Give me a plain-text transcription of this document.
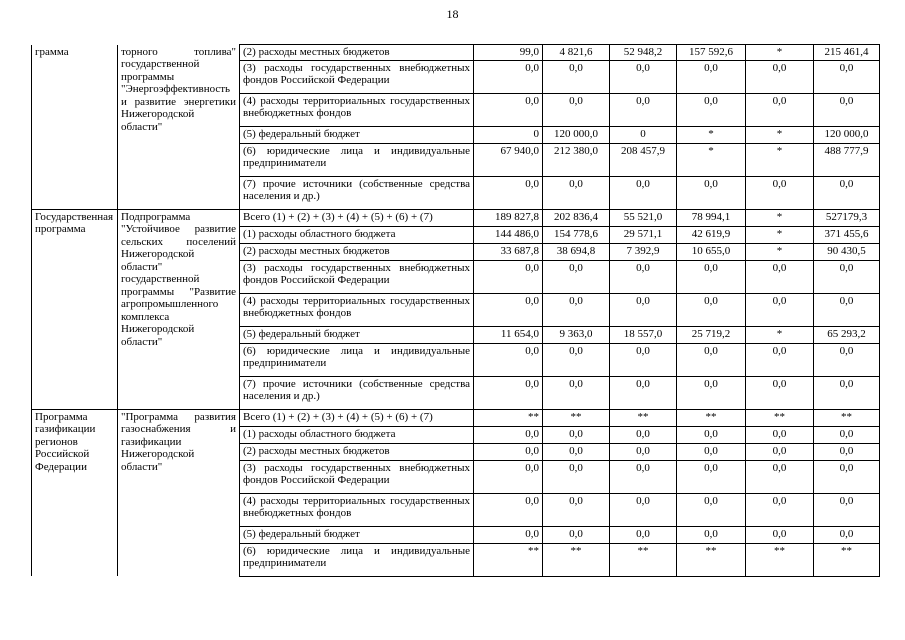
18
грамма	торного топлива" государственной программы "Энергоэффективность и развитие энергетики Нижегородской области"	(2) расходы местных бюджетов	99,0	4 821,6	52 948,2	157 592,6	*	215 461,4
		(3) расходы государственных внебюджетных фондов Российской Федерации	0,0	0,0	0,0	0,0	0,0	0,0
		(4) расходы территориальных государственных внебюджетных фондов	0,0	0,0	0,0	0,0	0,0	0,0
		(5) федеральный бюджет	0	120 000,0	0	*	*	120 000,0
		(6) юридические лица и индивидуальные предприниматели	67 940,0	212 380,0	208 457,9	*	*	488 777,9
		(7) прочие источники (собственные средства населения и др.)	0,0	0,0	0,0	0,0	0,0	0,0
Государственная программа	Подпрограмма "Устойчивое развитие сельских поселений Нижегородской области" государственной программы "Развитие агропромышленного комплекса Нижегородской области"	Всего (1) + (2) + (3) + (4) + (5) + (6) + (7)	189 827,8	202 836,4	55 521,0	78 994,1	*	527179,3
		(1) расходы областного бюджета	144 486,0	154 778,6	29 571,1	42 619,9	*	371 455,6
		(2) расходы местных бюджетов	33 687,8	38 694,8	7 392,9	10 655,0	*	90 430,5
		(3) расходы государственных внебюджетных фондов Российской Федерации	0,0	0,0	0,0	0,0	0,0	0,0
		(4) расходы территориальных государственных внебюджетных фондов	0,0	0,0	0,0	0,0	0,0	0,0
		(5) федеральный бюджет	11 654,0	9 363,0	18 557,0	25 719,2	*	65 293,2
		(6) юридические лица и индивидуальные предприниматели	0,0	0,0	0,0	0,0	0,0	0,0
		(7) прочие источники (собственные средства населения и др.)	0,0	0,0	0,0	0,0	0,0	0,0
Программа газификации регионов Российской Федерации	"Программа развития газоснабжения и газификации Нижегородской области"	Всего (1) + (2) + (3) + (4) + (5) + (6) + (7)	**	**	**	**	**	**
		(1) расходы областного бюджета	0,0	0,0	0,0	0,0	0,0	0,0
		(2) расходы местных бюджетов	0,0	0,0	0,0	0,0	0,0	0,0
		(3) расходы государственных внебюджетных фондов Российской Федерации	0,0	0,0	0,0	0,0	0,0	0,0
		(4) расходы территориальных государственных внебюджетных фондов	0,0	0,0	0,0	0,0	0,0	0,0
		(5) федеральный бюджет	0,0	0,0	0,0	0,0	0,0	0,0
		(6) юридические лица и индивидуальные предприниматели	**	**	**	**	**	**
